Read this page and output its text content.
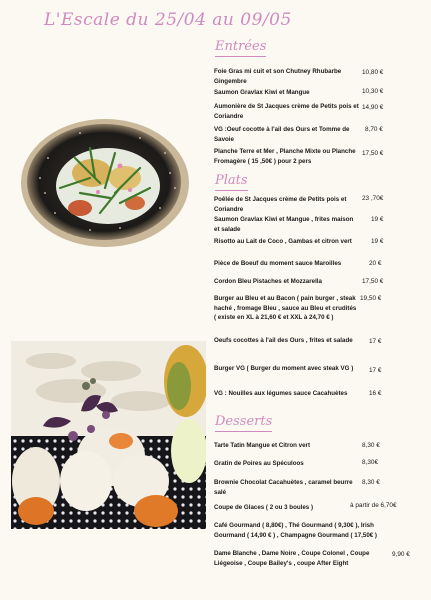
L'Escale du 25/04 au 09/05
Entrées
Plats
Desserts
Foie Gras mi cuit et son Chutney Rhubarbe Gingembre
10,80 €
Saumon Gravlax Kiwi et Mangue	10,30 €
Aumonière de St Jacques crème de Petits pois et Coriandre
14,90 €
VG :Oeuf cocotte à l'ail des Ours et Tomme de Savoie
8,70 €
Planche Terre et Mer , Planche Mixte ou Planche Fromagère ( 15 ,50€ ) pour 2 pers
17,50 €
Poêlée de St Jacques crème de Petits pois et Coriandre
23 ,70€
Saumon Gravlax Kiwi et Mangue , frites maison et salade
19 €
Risotto au Lait de Coco , Gambas et citron vert	19 €
Pièce de Boeuf du moment sauce Maroilles	20 €
Cordon Bleu Pistaches et Mozzarella	17,50 €
Burger au Bleu et au Bacon ( pain burger , steak haché , fromage Bleu , sauce au Bleu et crudités ( existe en XL à 21,60 € et XXL à 24,70 € )
19,50 €
Oeufs cocottes à l'ail des Ours , frites et salade	17 €
Burger VG ( Burger du moment avec steak VG )	17 €
VG : Nouilles aux légumes sauce Cacahuètes	16 €
Tarte Tatin Mangue et Citron vert	8,30 €
Gratin de Poires au Spéculoos	8,30€
Brownie Chocolat Cacahuètes , caramel beurre salé
8,30 €
Coupe de Glaces ( 2 ou 3 boules )	à partir de 6,70€
Café Gourmand ( 8,80€) , Thé Gourmand ( 9,30€ ), Irish Gourmand ( 14,90 € ) , Champagne Gourmand ( 17,50€ )
Dame Blanche , Dame Noire , Coupe Colonel , Coupe Liégeoise , Coupe Bailey's , coupe After Eight
9,90 €
